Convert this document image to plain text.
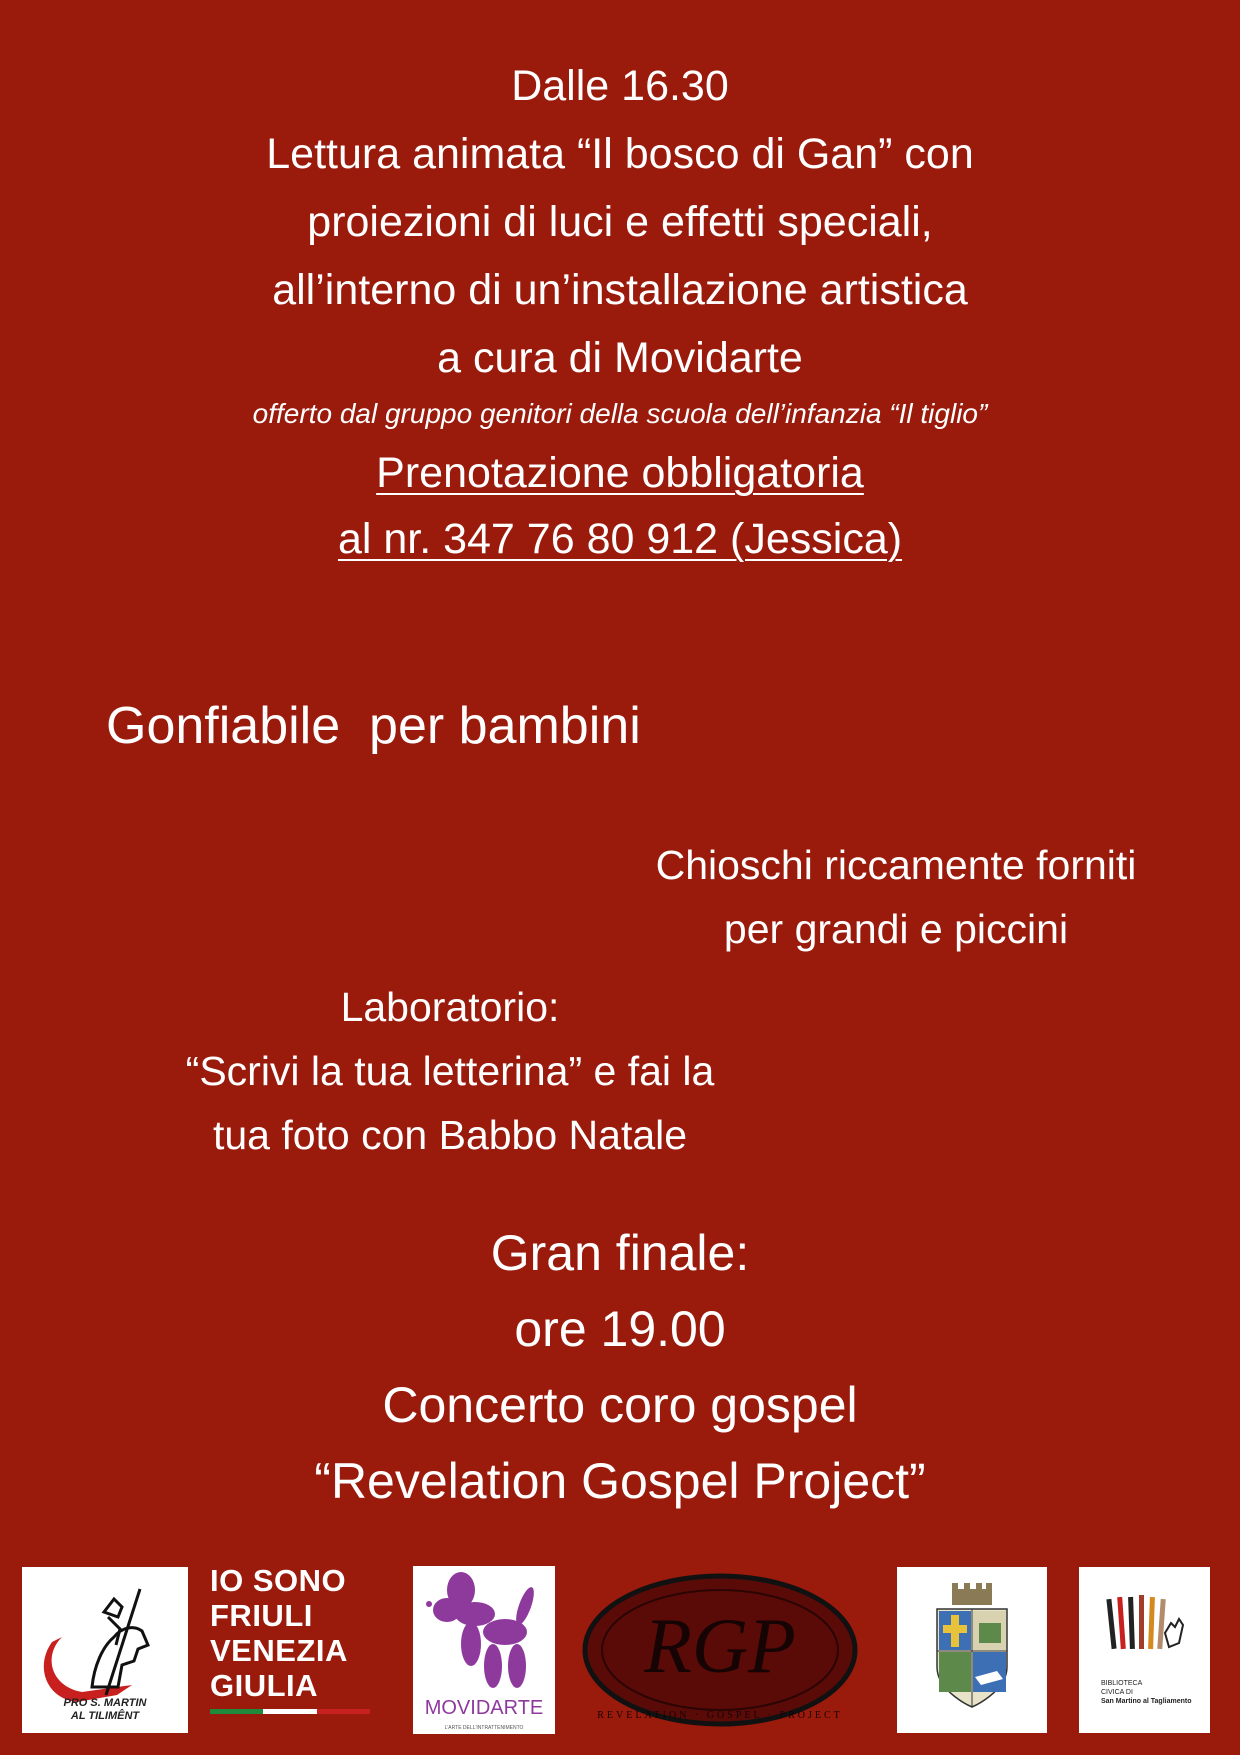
Dalle 16.30
Lettura animata “Il bosco di Gan” con
proiezioni di luci e effetti speciali,
all’interno di un’installazione artistica
a cura di Movidarte
offerto dal gruppo genitori della scuola dell’infanzia “Il tiglio”
Prenotazione obbligatoria
al nr. 347 76 80 912 (Jessica)
Gonfiabile  per bambini
Chioschi riccamente forniti
per grandi e piccini
Laboratorio:
“Scrivi la tua letterina” e fai la
tua foto con Babbo Natale
Gran finale:
ore 19.00
Concerto coro gospel
“Revelation Gospel Project”
PRO S. MARTIN
AL TILIMÊNT
IO SONO
FRIULI
VENEZIA
GIULIA
MOVIDARTE
L'ARTE DELL'INTRATTENIMENTO
RGP
REVELATION · GOSPEL · PROJECT
BIBLIOTECA
CIVICA DI
San Martino al Tagliamento
